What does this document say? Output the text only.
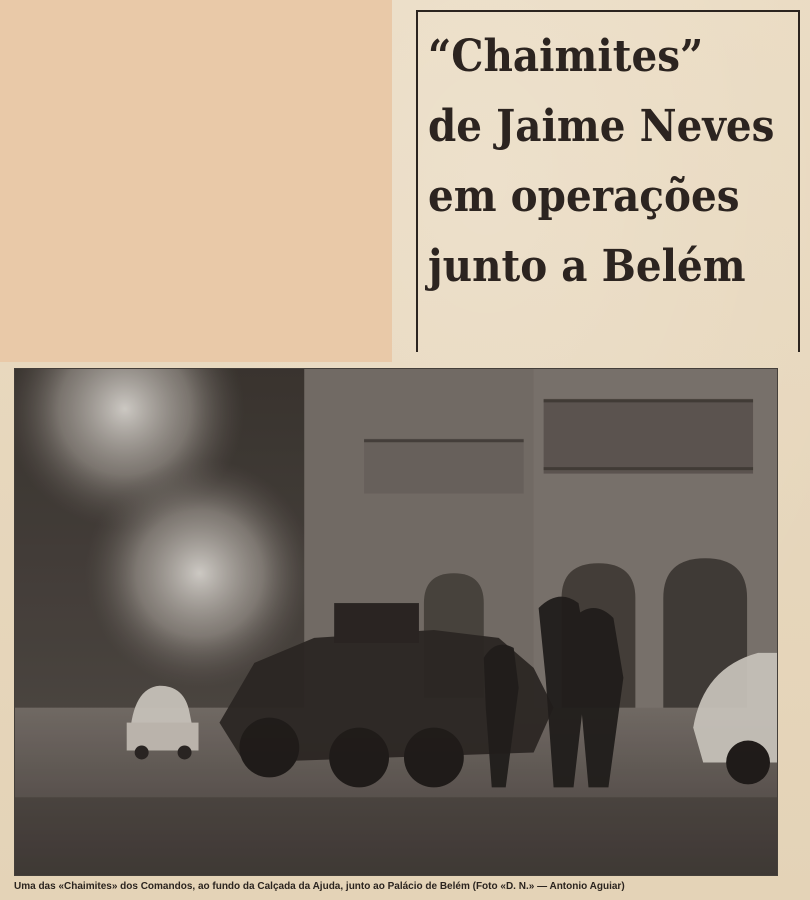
“Chaimites”
de Jaime Neves
em operações
junto a Belém
Uma das «Chaimites» dos Comandos, ao fundo da Calçada da Ajuda, junto ao Palácio de Belém (Foto «D. N.» — Antonio Aguiar)
